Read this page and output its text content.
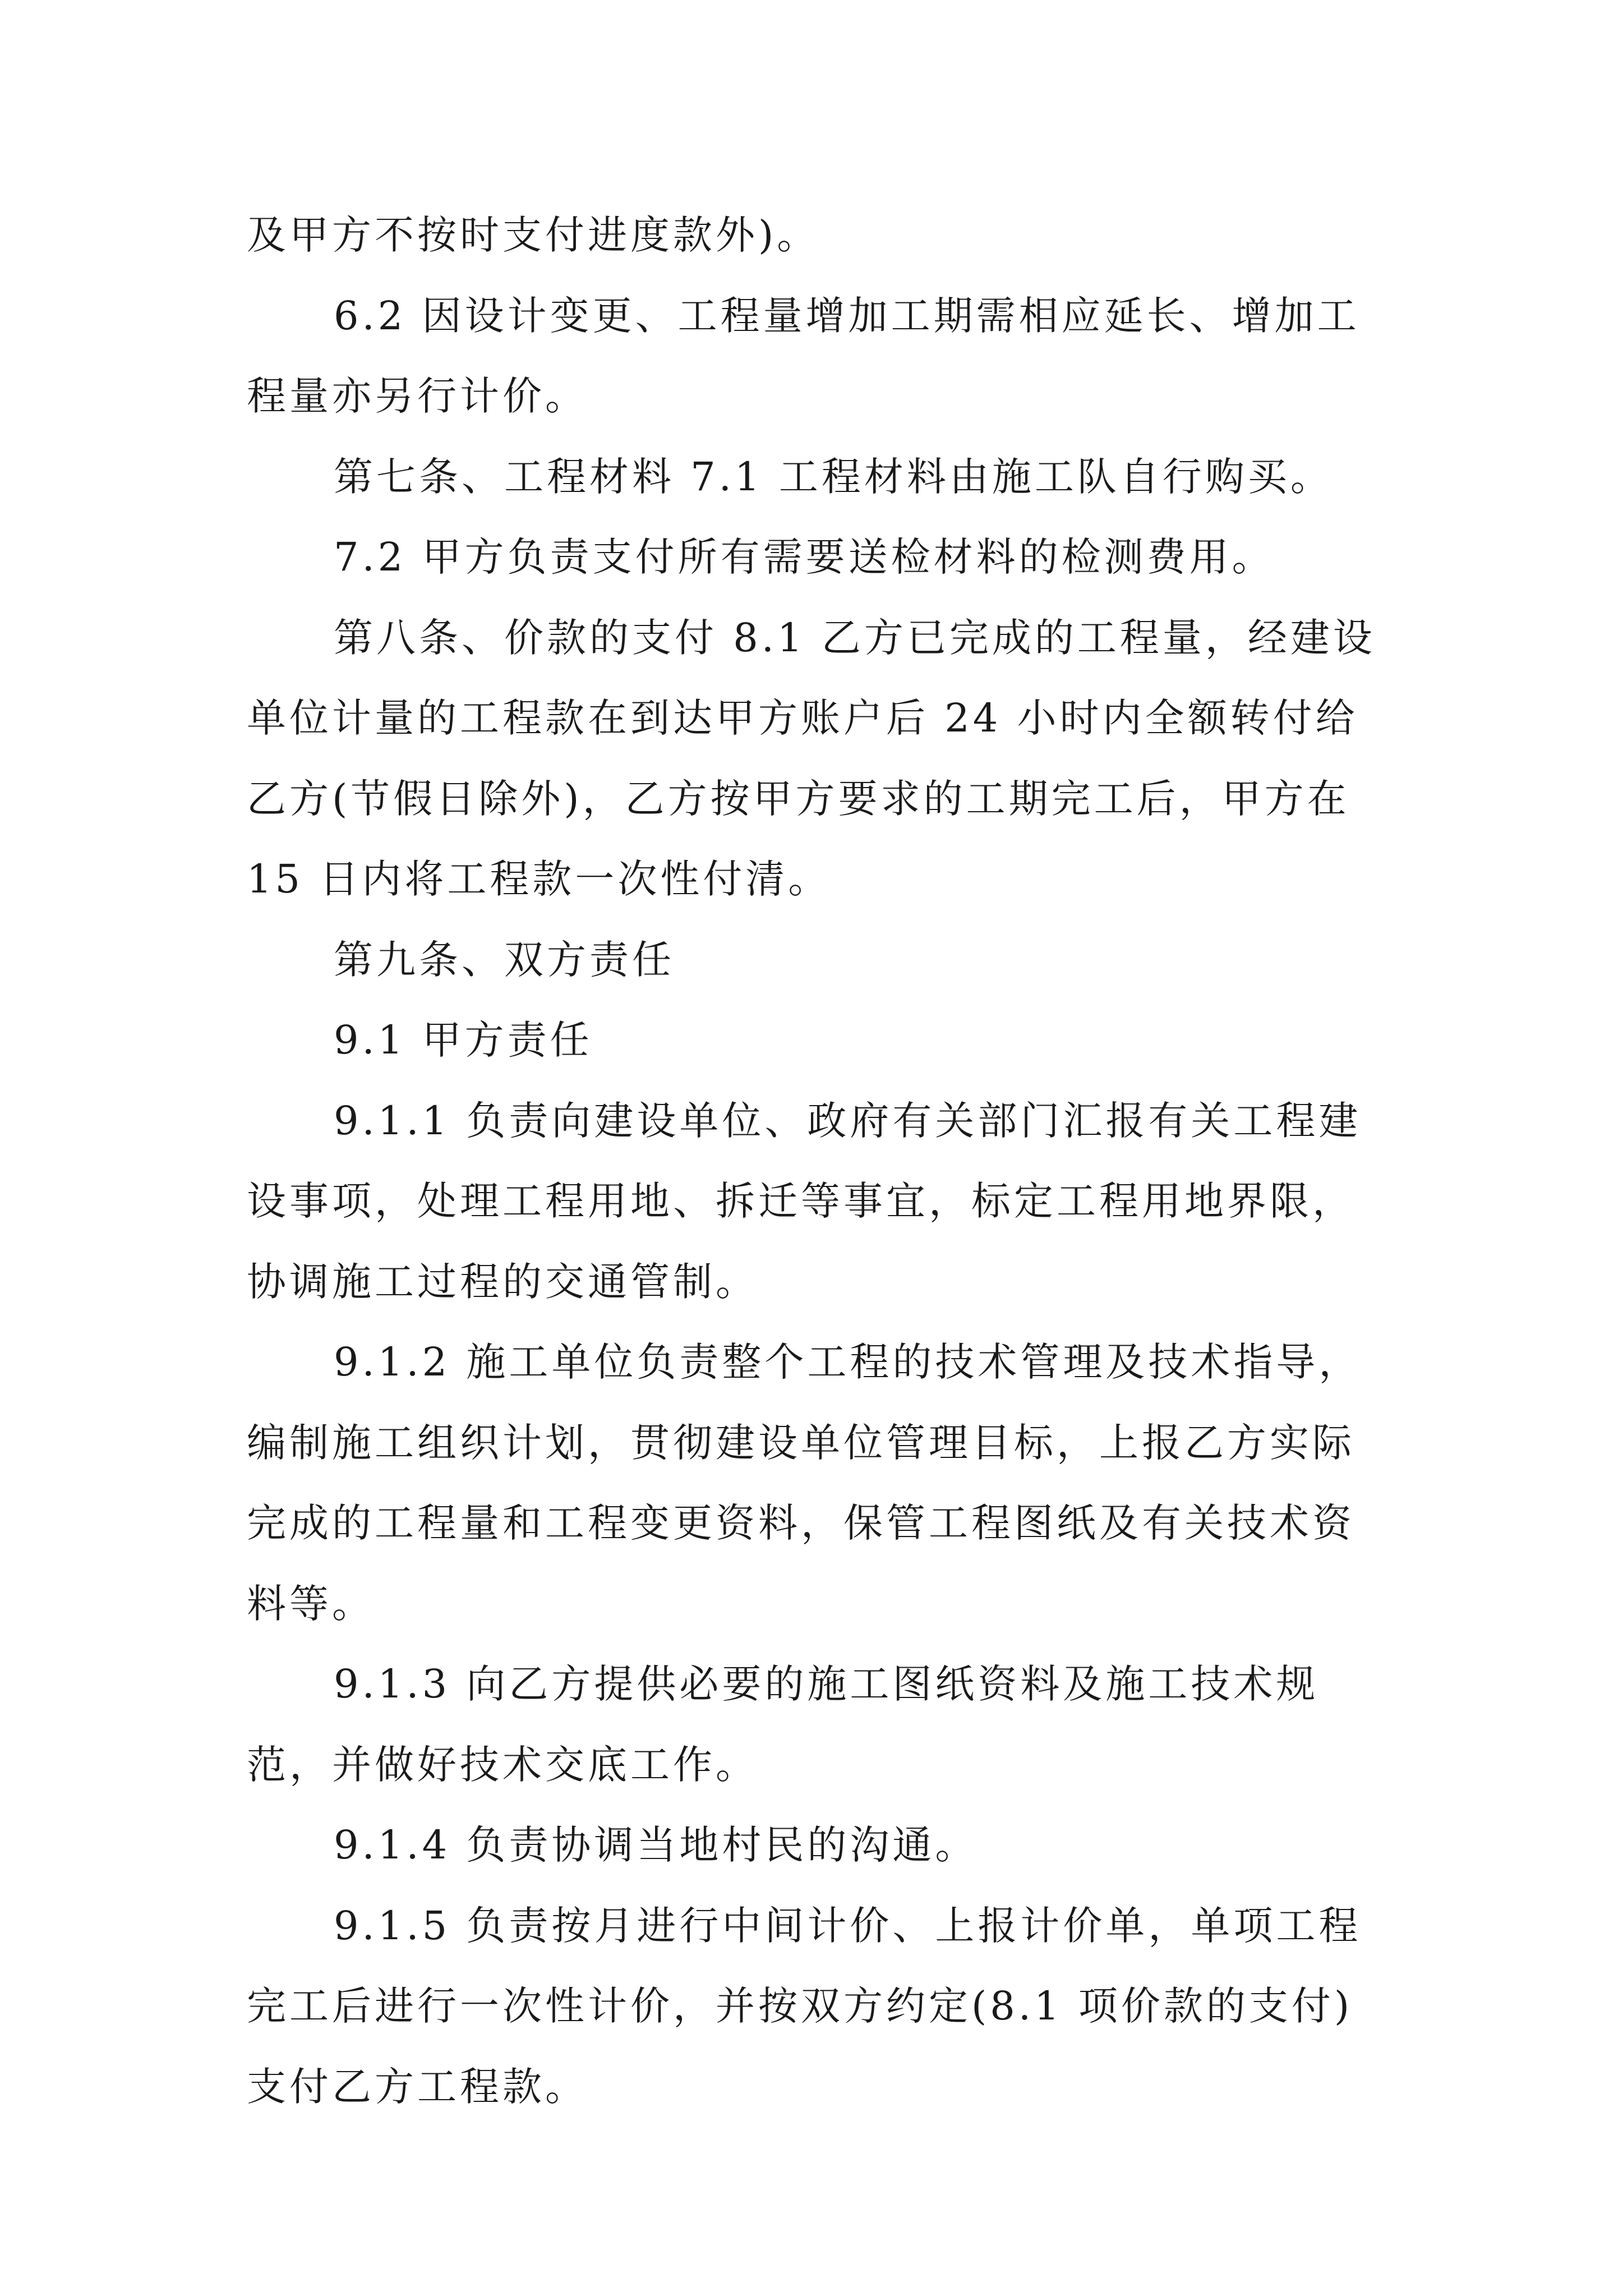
及甲方不按时支付进度款外)。

6.2 因设计变更、工程量增加工期需相应延长、增加工程量亦另行计价。

第七条、工程材料 7.1 工程材料由施工队自行购买。

7.2 甲方负责支付所有需要送检材料的检测费用。

第八条、价款的支付 8.1 乙方已完成的工程量，经建设单位计量的工程款在到达甲方账户后 24 小时内全额转付给乙方(节假日除外)，乙方按甲方要求的工期完工后，甲方在 15 日内将工程款一次性付清。

第九条、双方责任

9.1 甲方责任

9.1.1 负责向建设单位、政府有关部门汇报有关工程建设事项，处理工程用地、拆迁等事宜，标定工程用地界限，协调施工过程的交通管制。

9.1.2 施工单位负责整个工程的技术管理及技术指导，编制施工组织计划，贯彻建设单位管理目标，上报乙方实际完成的工程量和工程变更资料，保管工程图纸及有关技术资料等。

9.1.3 向乙方提供必要的施工图纸资料及施工技术规范，并做好技术交底工作。

9.1.4 负责协调当地村民的沟通。

9.1.5 负责按月进行中间计价、上报计价单，单项工程完工后进行一次性计价，并按双方约定(8.1 项价款的支付)支付乙方工程款。
